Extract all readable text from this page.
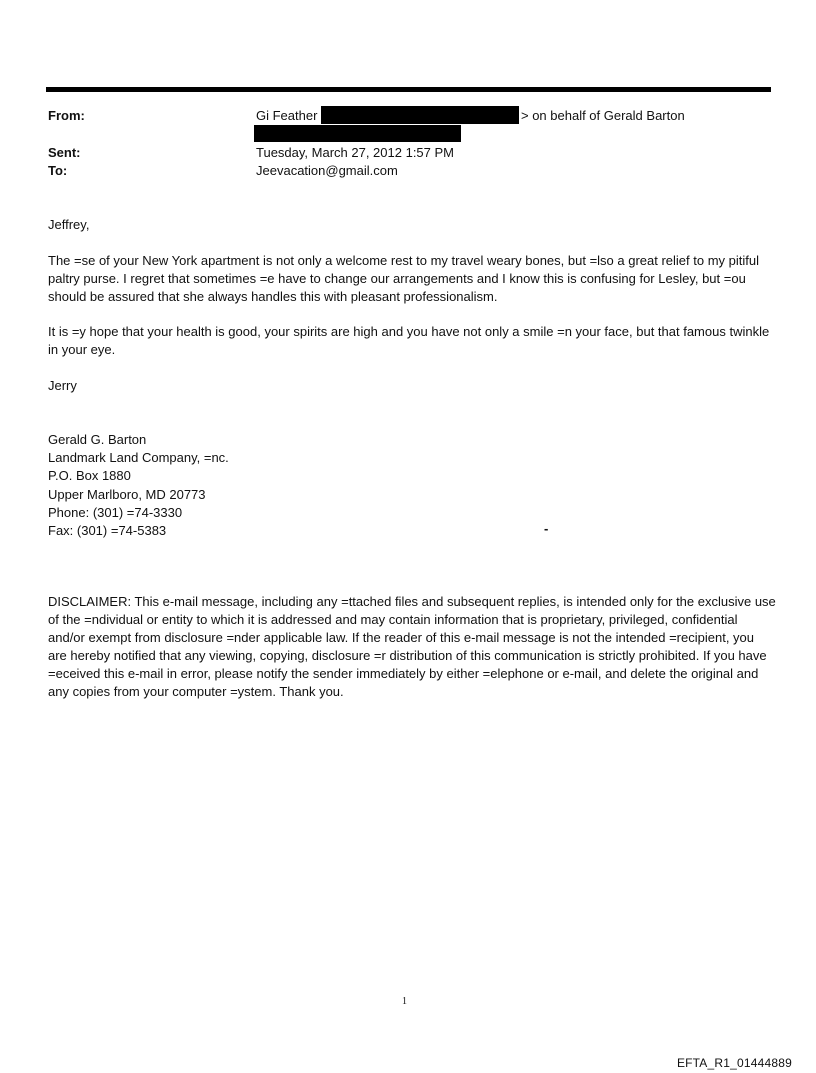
From:	Gi Feather	> on behalf of Gerald Barton
Sent:	Tuesday, March 27, 2012 1:57 PM
To:	Jeevacation@gmail.com
Jeffrey,
The =se of your New York apartment is not only a welcome rest to my travel weary bones, but =lso a great relief to my pitiful paltry purse. I regret that sometimes =e have to change our arrangements and I know this is confusing for Lesley, but =ou should be assured that she always handles this with pleasant professionalism.
It is =y hope that your health is good, your spirits are high and you have not only a smile =n your face, but that famous twinkle in your eye.
Jerry
Gerald G. Barton
Landmark Land Company, =nc.
P.O. Box 1880
Upper Marlboro, MD 20773
Phone: (301) =74-3330
Fax: (301) =74-5383	-
DISCLAIMER: This e-mail message, including any =ttached files and subsequent replies, is intended only for the exclusive use of the =ndividual or entity to which it is addressed and may contain information that is proprietary, privileged, confidential and/or exempt from disclosure =nder applicable law. If the reader of this e-mail message is not the intended =recipient, you are hereby notified that any viewing, copying, disclosure =r distribution of this communication is strictly prohibited. If you have =eceived this e-mail in error, please notify the sender immediately by either =elephone or e-mail, and delete the original and any copies from your computer =ystem. Thank you.
1
EFTA_R1_01444889
